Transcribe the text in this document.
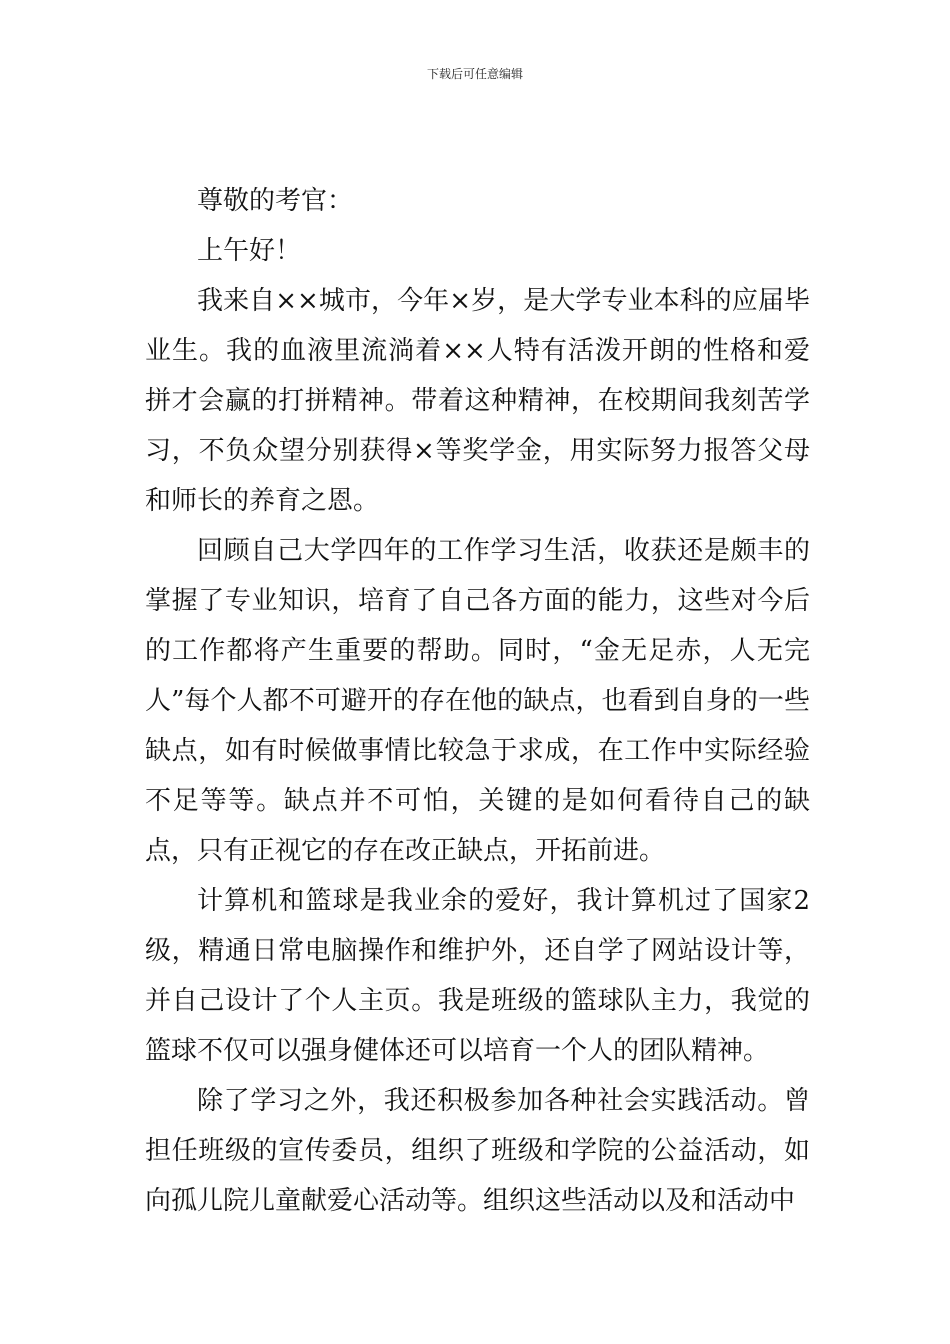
下载后可任意编辑

尊敬的考官：

上午好！

我来自××城市，今年×岁，是大学专业本科的应届毕业生。我的血液里流淌着××人特有活泼开朗的性格和爱拼才会赢的打拼精神。带着这种精神，在校期间我刻苦学习，不负众望分别获得×等奖学金，用实际努力报答父母和师长的养育之恩。

回顾自己大学四年的工作学习生活，收获还是颇丰的掌握了专业知识，培育了自己各方面的能力，这些对今后的工作都将产生重要的帮助。同时，“金无足赤，人无完人”每个人都不可避开的存在他的缺点，也看到自身的一些缺点，如有时候做事情比较急于求成，在工作中实际经验不足等等。缺点并不可怕，关键的是如何看待自己的缺点，只有正视它的存在改正缺点，开拓前进。

计算机和篮球是我业余的爱好，我计算机过了国家2级，精通日常电脑操作和维护外，还自学了网站设计等，并自己设计了个人主页。我是班级的篮球队主力，我觉的篮球不仅可以强身健体还可以培育一个人的团队精神。

除了学习之外，我还积极参加各种社会实践活动。曾担任班级的宣传委员，组织了班级和学院的公益活动，如向孤儿院儿童献爱心活动等。组织这些活动以及和活动中
